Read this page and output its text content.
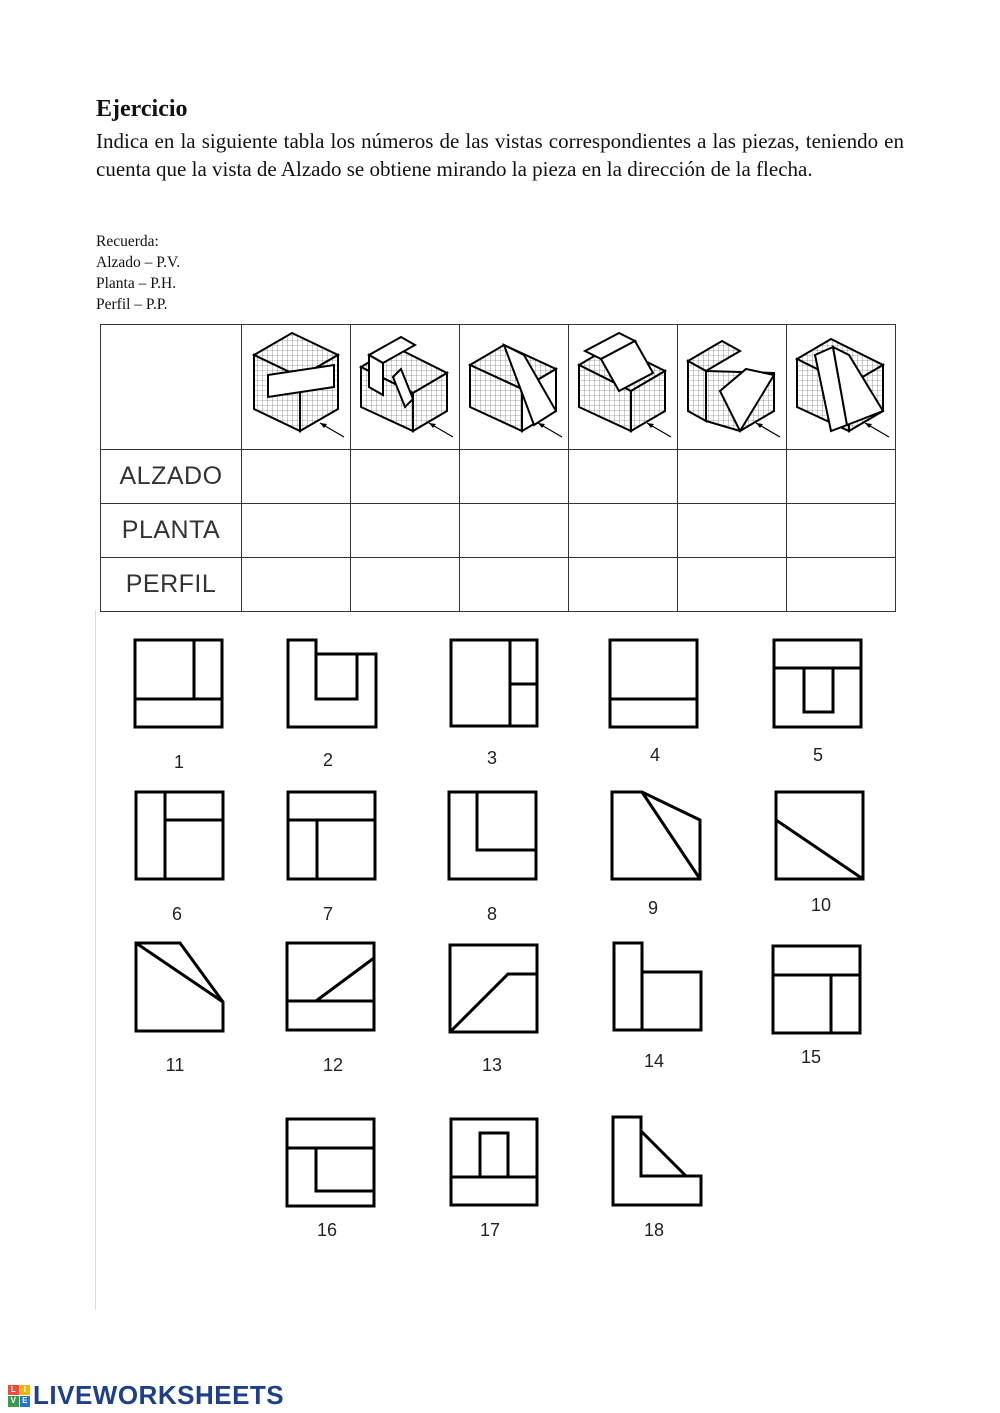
Ejercicio

Indica en la siguiente tabla los números de las vistas correspondientes a las piezas, teniendo en cuenta que la vista de Alzado se obtiene mirando la pieza en la dirección de la flecha.

Recuerda:
Alzado – P.V.
Planta – P.H.
Perfil – P.P.

ALZADO						
PLANTA						
PERFIL						
1	2	3	4	5
6	7	8	9	10
11	12	13	14	15
16	17	18
L I
V E LIVEWORKSHEETS
